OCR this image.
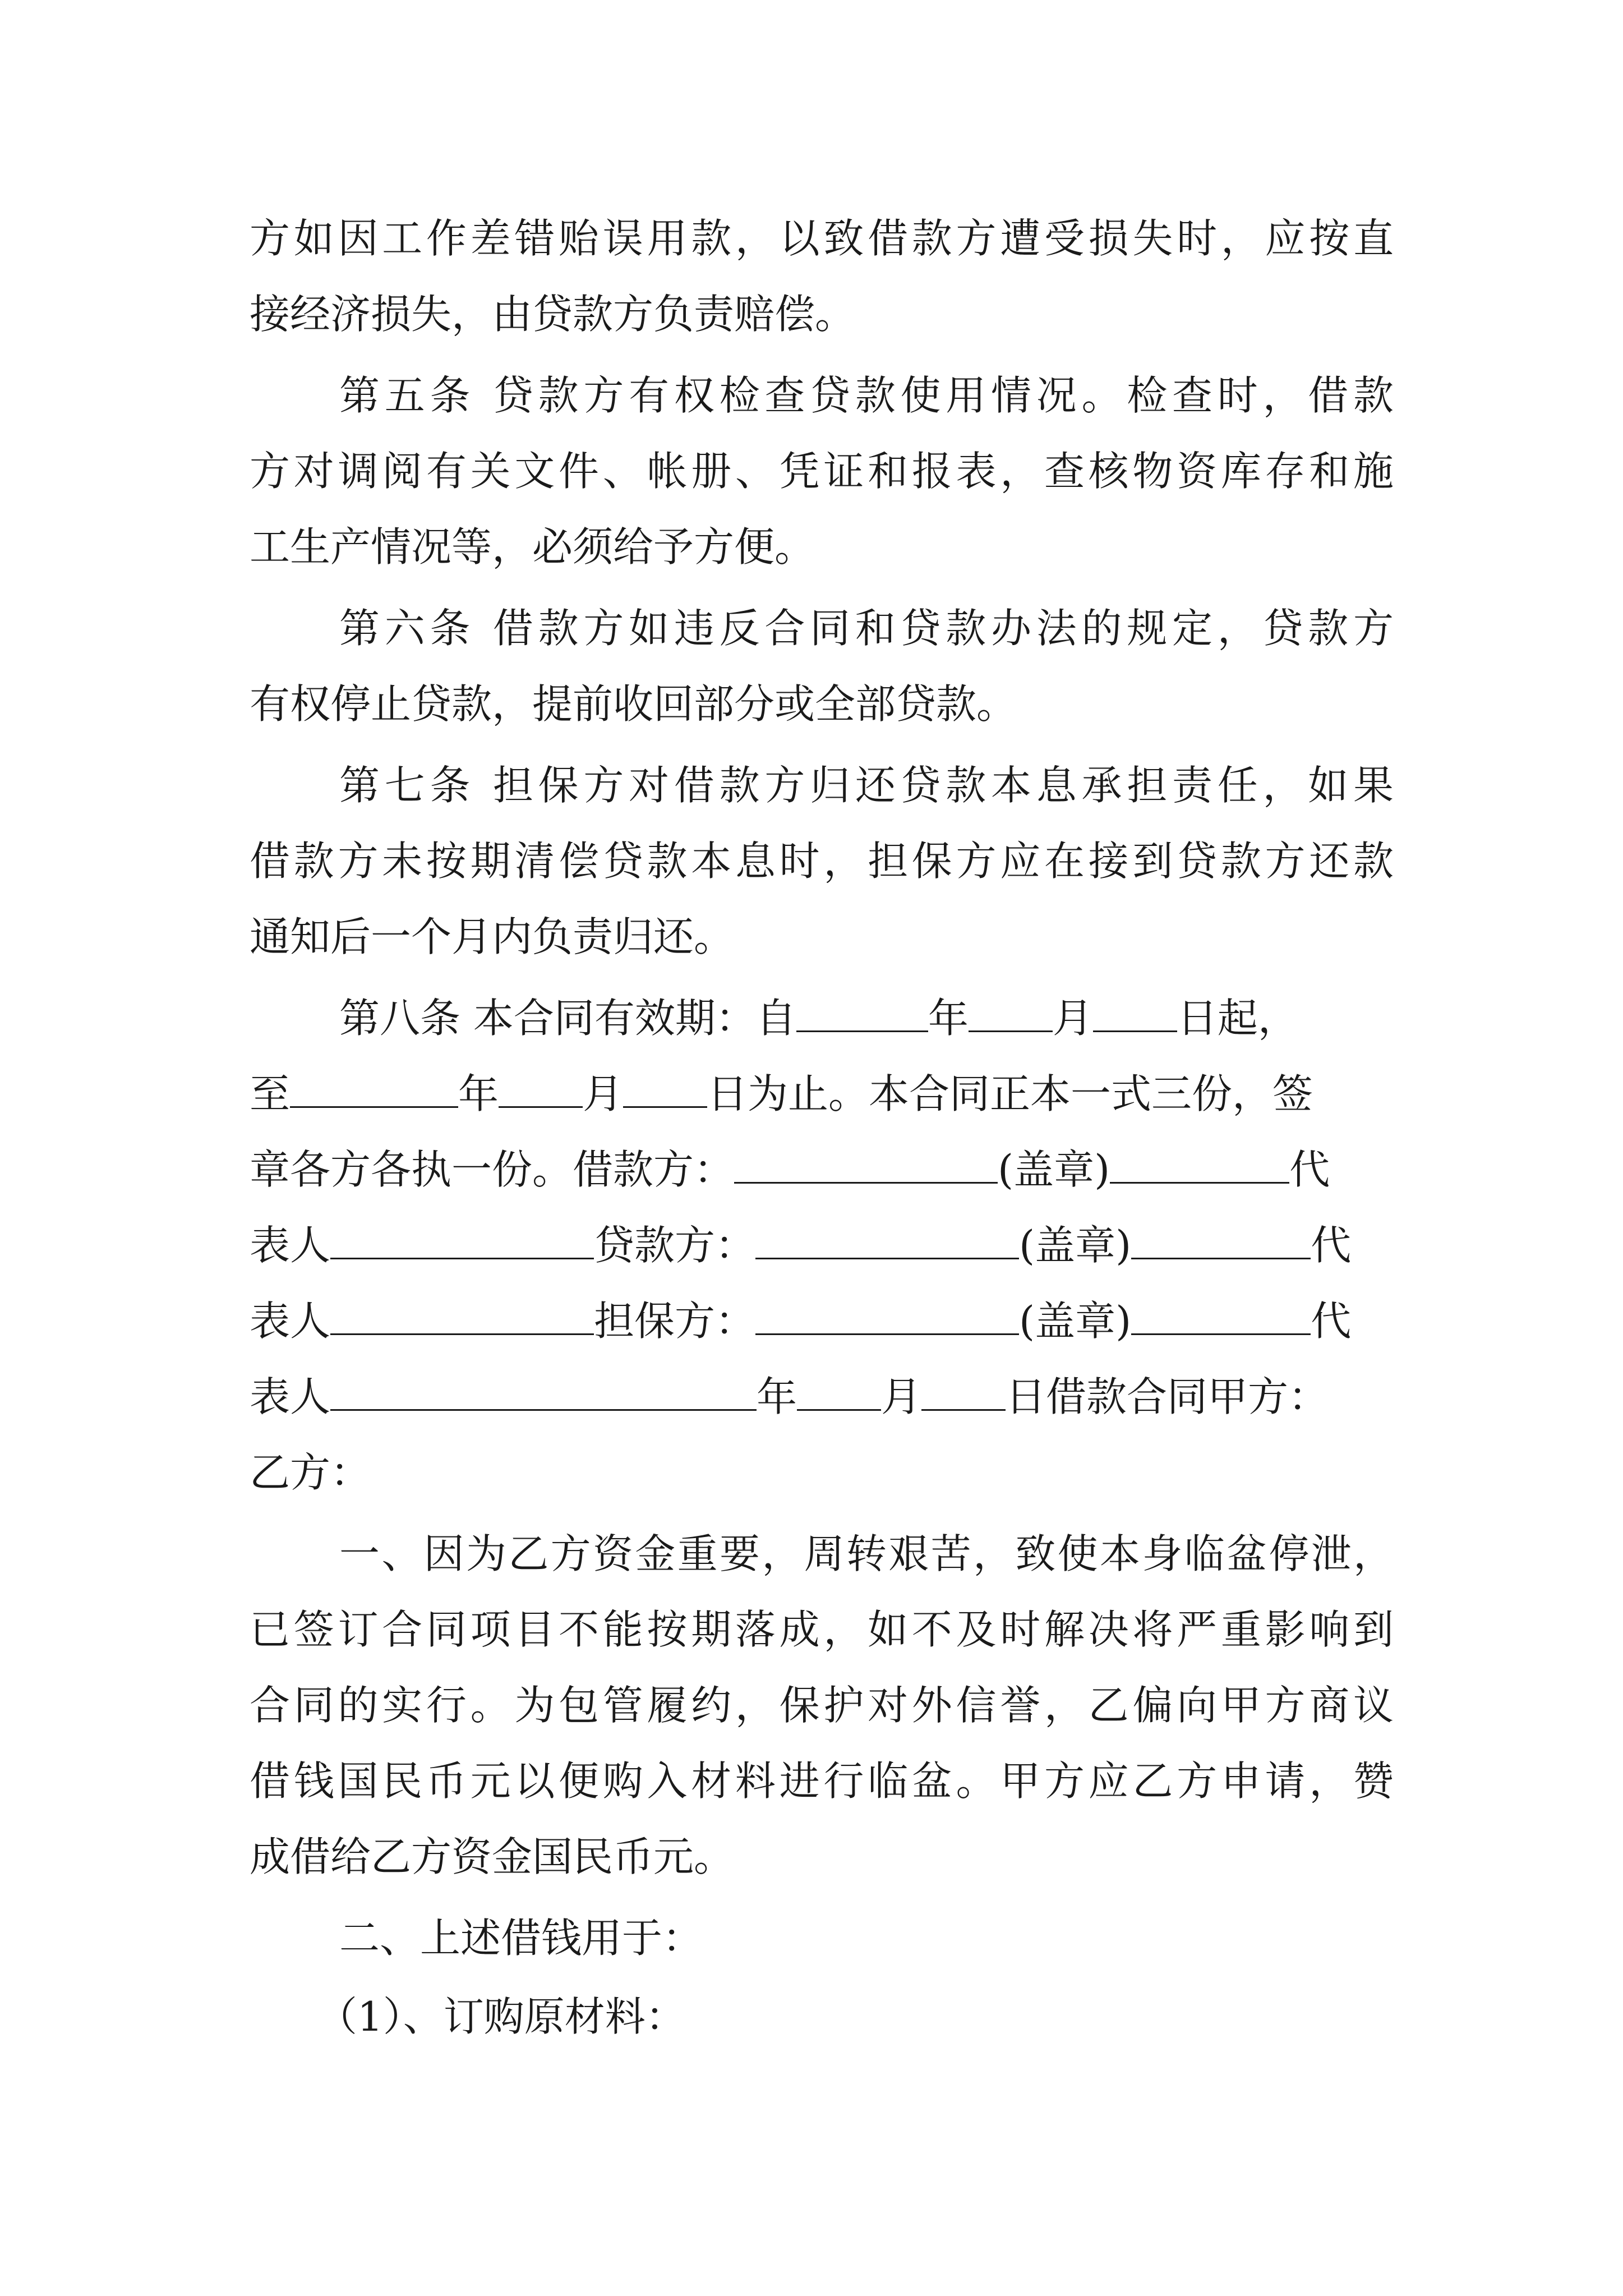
方如因工作差错贻误用款，以致借款方遭受损失时，应按直
接经济损失，由贷款方负责赔偿。
第五条 贷款方有权检查贷款使用情况。检查时，借款
方对调阅有关文件、帐册、凭证和报表，查核物资库存和施
工生产情况等，必须给予方便。
第六条 借款方如违反合同和贷款办法的规定，贷款方
有权停止贷款，提前收回部分或全部贷款。
第七条 担保方对借款方归还贷款本息承担责任，如果
借款方未按期清偿贷款本息时，担保方应在接到贷款方还款
通知后一个月内负责归还。
第八条 本合同有效期：自	年 月 日起，
至	年 月 日为止。本合同正本一式三份，签
章各方各执一份。借款方：	(盖章)	代
表人	贷款方：	(盖章)	代
表人	担保方：	(盖章)	代
表人	年 月 日借款合同甲方：
乙方：
一、因为乙方资金重要，周转艰苦，致使本身临盆停泄，
已签订合同项目不能按期落成，如不及时解决将严重影响到
合同的实行。为包管履约，保护对外信誉，乙偏向甲方商议
借钱国民币元以便购入材料进行临盆。甲方应乙方申请，赞
成借给乙方资金国民币元。
二、上述借钱用于：
（1）、订购原材料：
